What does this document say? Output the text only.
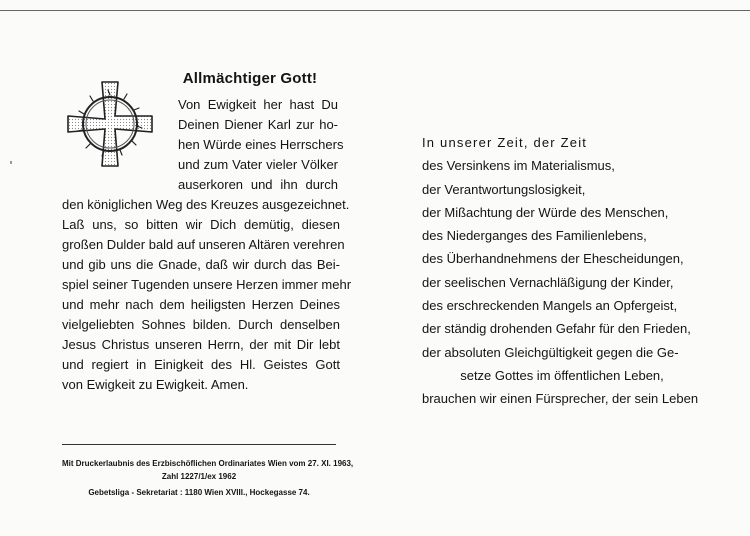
Allmächtiger Gott!
Von Ewigkeit her hast Du
Deinen Diener Karl zur ho-
hen Würde eines Herrschers
und zum Vater vieler Völker
auserkoren und ihn durch
den königlichen Weg des Kreuzes ausgezeichnet.
Laß uns, so bitten wir Dich demütig, diesen
großen Dulder bald auf unseren Altären verehren
und gib uns die Gnade, daß wir durch das Bei-
spiel seiner Tugenden unsere Herzen immer mehr
und mehr nach dem heiligsten Herzen Deines
vielgeliebten Sohnes bilden. Durch denselben
Jesus Christus unseren Herrn, der mit Dir lebt
und regiert in Einigkeit des Hl. Geistes Gott
von Ewigkeit zu Ewigkeit. Amen.
Mit Druckerlaubnis des Erzbischöflichen Ordinariates Wien vom 27. XI. 1963,
Zahl 1227/1/ex 1962
Gebetsliga - Sekretariat : 1180 Wien XVIII., Hockegasse 74.
In unserer Zeit, der Zeit
des Versinkens im Materialismus,
der Verantwortungslosigkeit,
der Mißachtung der Würde des Menschen,
des Niederganges des Familienlebens,
des Überhandnehmens der Ehescheidungen,
der seelischen Vernachläßigung der Kinder,
des erschreckenden Mangels an Opfergeist,
der ständig drohenden Gefahr für den Frieden,
der absoluten Gleichgültigkeit gegen die Ge-
setze Gottes im öffentlichen Leben,
brauchen wir einen Fürsprecher, der sein Leben
